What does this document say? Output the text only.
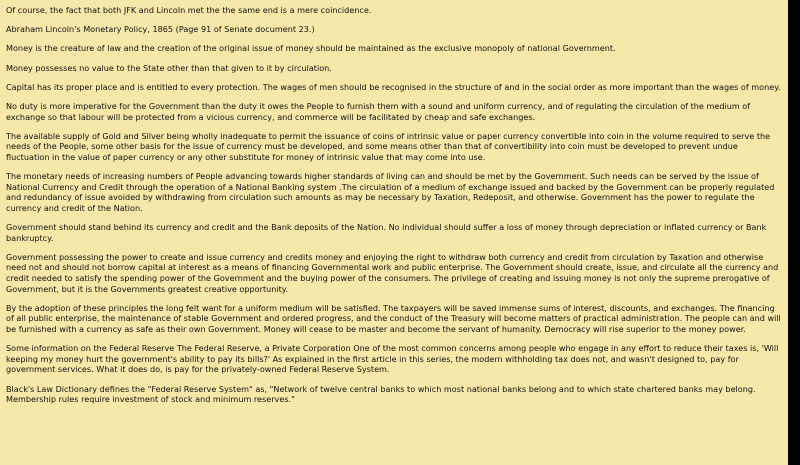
Of course, the fact that both JFK and Lincoln met the the same end is a mere coincidence.

Abraham Lincoln's Monetary Policy, 1865 (Page 91 of Senate document 23.)

Money is the creature of law and the creation of the original issue of money should be maintained as the exclusive monopoly of national Government.

Money possesses no value to the State other than that given to it by circulation.

Capital has its proper place and is entitled to every protection. The wages of men should be recognised in the structure of and in the social order as more important than the wages of money.

No duty is more imperative for the Government than the duty it owes the People to furnish them with a sound and uniform currency, and of regulating the circulation of the medium of exchange so that labour will be protected from a vicious currency, and commerce will be facilitated by cheap and safe exchanges.

The available supply of Gold and Silver being wholly inadequate to permit the issuance of coins of intrinsic value or paper currency convertible into coin in the volume required to serve the needs of the People, some other basis for the issue of currency must be developed, and some means other than that of convertibility into coin must be developed to prevent undue fluctuation in the value of paper currency or any other substitute for money of intrinsic value that may come into use.

The monetary needs of increasing numbers of People advancing towards higher standards of living can and should be met by the Government. Such needs can be served by the issue of National Currency and Credit through the operation of a National Banking system .The circulation of a medium of exchange issued and backed by the Government can be properly regulated and redundancy of issue avoided by withdrawing from circulation such amounts as may be necessary by Taxation, Redeposit, and otherwise. Government has the power to regulate the currency and credit of the Nation.

Government should stand behind its currency and credit and the Bank deposits of the Nation. No individual should suffer a loss of money through depreciation or inflated currency or Bank bankruptcy.

Government possessing the power to create and issue currency and credits money and enjoying the right to withdraw both currency and credit from circulation by Taxation and otherwise need not and should not borrow capital at interest as a means of financing Governmental work and public enterprise. The Government should create, issue, and circulate all the currency and credit needed to satisfy the spending power of the Government and the buying power of the consumers. The privilege of creating and issuing money is not only the supreme prerogative of Government, but it is the Governments greatest creative opportunity.

By the adoption of these principles the long felt want for a uniform medium will be satisfied. The taxpayers will be saved immense sums of interest, discounts, and exchanges. The financing of all public enterprise, the maintenance of stable Government and ordered progress, and the conduct of the Treasury will become matters of practical administration. The people can and will be furnished with a currency as safe as their own Government. Money will cease to be master and become the servant of humanity. Democracy will rise superior to the money power.

Some information on the Federal Reserve The Federal Reserve, a Private Corporation One of the most common concerns among people who engage in any effort to reduce their taxes is, 'Will keeping my money hurt the government's ability to pay its bills?' As explained in the first article in this series, the modern withholding tax does not, and wasn't designed to, pay for government services. What it does do, is pay for the privately-owned Federal Reserve System.

Black's Law Dictionary defines the "Federal Reserve System" as, "Network of twelve central banks to which most national banks belong and to which state chartered banks may belong. Membership rules require investment of stock and minimum reserves."
